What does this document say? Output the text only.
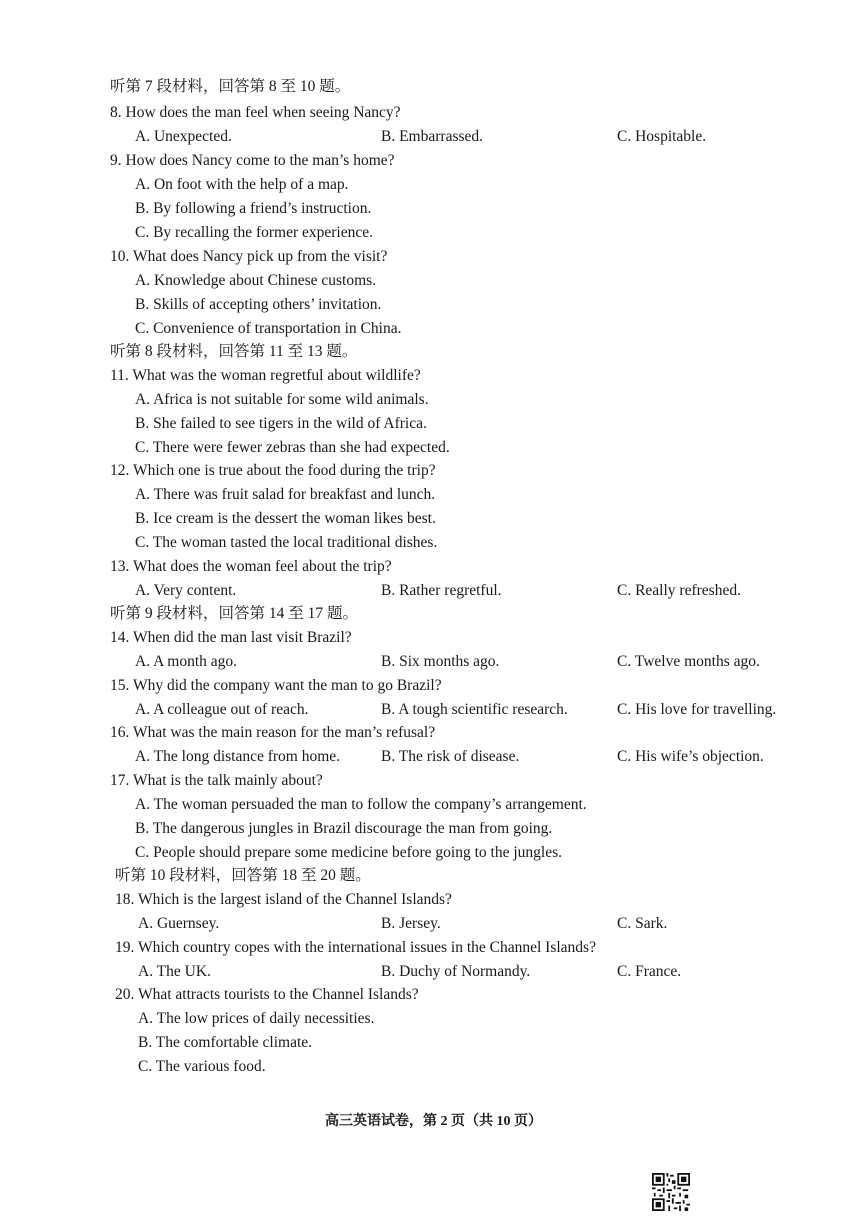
听第 7 段材料，回答第 8 至 10 题。
8. How does the man feel when seeing Nancy?
A. Unexpected.	B. Embarrassed.	C. Hospitable.
9. How does Nancy come to the man’s home?
A. On foot with the help of a map.
B. By following a friend’s instruction.
C. By recalling the former experience.
10. What does Nancy pick up from the visit?
A. Knowledge about Chinese customs.
B. Skills of accepting others’ invitation.
C. Convenience of transportation in China.
听第 8 段材料，回答第 11 至 13 题。
11. What was the woman regretful about wildlife?
A. Africa is not suitable for some wild animals.
B. She failed to see tigers in the wild of Africa.
C. There were fewer zebras than she had expected.
12. Which one is true about the food during the trip?
A. There was fruit salad for breakfast and lunch.
B. Ice cream is the dessert the woman likes best.
C. The woman tasted the local traditional dishes.
13. What does the woman feel about the trip?
A. Very content.	B. Rather regretful.	C. Really refreshed.
听第 9 段材料，回答第 14 至 17 题。
14. When did the man last visit Brazil?
A. A month ago.	B. Six months ago.	C. Twelve months ago.
15. Why did the company want the man to go Brazil?
A. A colleague out of reach.	B. A tough scientific research.	C. His love for travelling.
16. What was the main reason for the man’s refusal?
A. The long distance from home.	B. The risk of disease.	C. His wife’s objection.
17. What is the talk mainly about?
A. The woman persuaded the man to follow the company’s arrangement.
B. The dangerous jungles in Brazil discourage the man from going.
C. People should prepare some medicine before going to the jungles.
听第 10 段材料，回答第 18 至 20 题。
18. Which is the largest island of the Channel Islands?
A. Guernsey.	B. Jersey.	C. Sark.
19. Which country copes with the international issues in the Channel Islands?
A. The UK.	B. Duchy of Normandy.	C. France.
20. What attracts tourists to the Channel Islands?
A. The low prices of daily necessities.
B. The comfortable climate.
C. The various food.
高三英语试卷，第 2 页（共 10 页）
